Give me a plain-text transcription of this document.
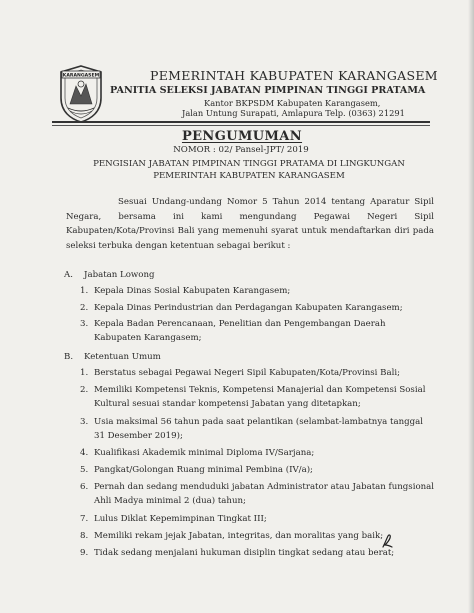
KARANGASEM	PEMERINTAH KABUPATEN KARANGASEM
PANITIA SELEKSI JABATAN PIMPINAN TINGGI PRATAMA
Kantor BKPSDM Kabupaten Karangasem,
Jalan Untung Surapati, Amlapura Telp. (0363) 21291
PENGUMUMAN
NOMOR : 02/ Pansel-JPT/ 2019
PENGISIAN JABATAN PIMPINAN TINGGI PRATAMA DI LINGKUNGAN
PEMERINTAH KABUPATEN KARANGASEM
Sesuai Undang-undang Nomor 5 Tahun 2014 tentang Aparatur Sipil Negara, bersama ini kami mengundang Pegawai Negeri Sipil Kabupaten/Kota/Provinsi Bali yang memenuhi syarat untuk mendaftarkan diri pada seleksi terbuka dengan ketentuan sebagai berikut :
A. Jabatan Lowong
1. Kepala Dinas Sosial Kabupaten Karangasem;
2. Kepala Dinas Perindustrian dan Perdagangan Kabupaten Karangasem;
3. Kepala Badan Perencanaan, Penelitian dan Pengembangan Daerah Kabupaten Karangasem;
B. Ketentuan Umum
1. Berstatus sebagai Pegawai Negeri Sipil Kabupaten/Kota/Provinsi Bali;
2. Memiliki Kompetensi Teknis, Kompetensi Manajerial dan Kompetensi Sosial Kultural sesuai standar kompetensi Jabatan yang ditetapkan;
3. Usia maksimal 56 tahun pada saat pelantikan (selambat-lambatnya tanggal 31 Desember 2019);
4. Kualifikasi Akademik minimal Diploma IV/Sarjana;
5. Pangkat/Golongan Ruang minimal Pembina (IV/a);
6. Pernah dan sedang menduduki jabatan Administrator atau Jabatan fungsional Ahli Madya minimal 2 (dua) tahun;
7. Lulus Diklat Kepemimpinan Tingkat III;
8. Memiliki rekam jejak Jabatan, integritas, dan moralitas yang baik;
9. Tidak sedang menjalani hukuman disiplin tingkat sedang atau berat;
